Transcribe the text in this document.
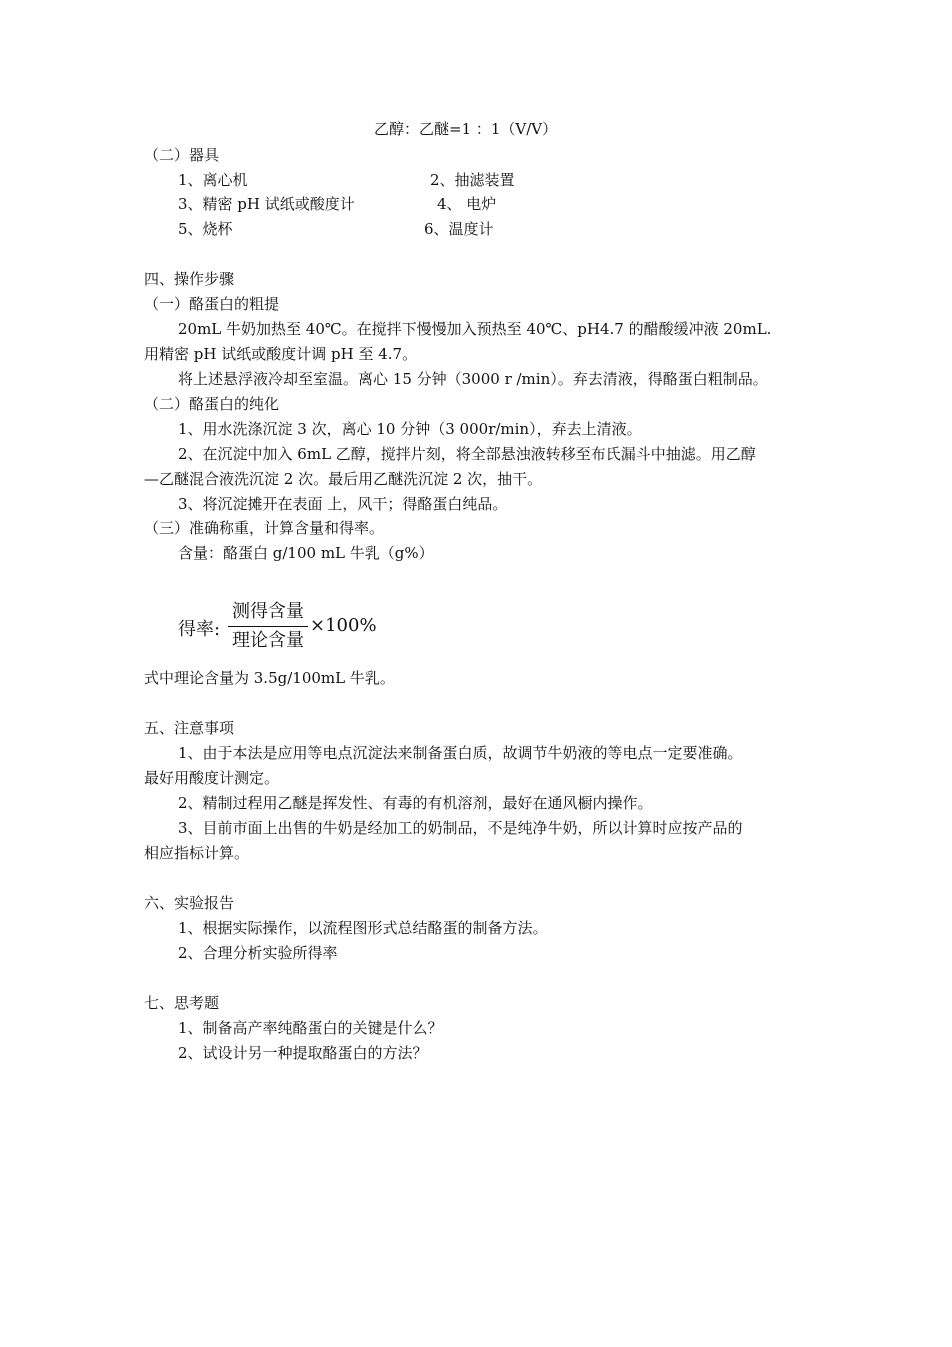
乙醇：乙醚=1 ：1（V/V）
（二）器具
1、离心机	2、抽滤装置
3、精密 pH 试纸或酸度计	4、 电炉
5、烧杯	6、温度计
四、操作步骤
（一）酪蛋白的粗提
20mL 牛奶加热至 40℃。在搅拌下慢慢加入预热至 40℃、pH4.7 的醋酸缓冲液 20mL.
用精密 pH 试纸或酸度计调 pH 至 4.7。
将上述悬浮液冷却至室温。离心 15 分钟（3000 r /min）。弃去清液，得酪蛋白粗制品。
（二）酪蛋白的纯化
1、用水洗涤沉淀 3 次，离心 10 分钟（3 000r/min），弃去上清液。
2、在沉淀中加入 6mL 乙醇，搅拌片刻，将全部悬浊液转移至布氏漏斗中抽滤。用乙醇
—乙醚混合液洗沉淀 2 次。最后用乙醚洗沉淀 2 次，抽干。
3、将沉淀摊开在表面 上，风干；得酪蛋白纯品。
（三）准确称重，计算含量和得率。
含量：酪蛋白 g/100 mL 牛乳（g%）
得率:
测得含量
理论含量
×100%
式中理论含量为 3.5g/100mL 牛乳。
五、注意事项
1、由于本法是应用等电点沉淀法来制备蛋白质，故调节牛奶液的等电点一定要准确。
最好用酸度计测定。
2、精制过程用乙醚是挥发性、有毒的有机溶剂，最好在通风橱内操作。
3、目前市面上出售的牛奶是经加工的奶制品，不是纯净牛奶，所以计算时应按产品的
相应指标计算。
六、实验报告
1、根据实际操作，以流程图形式总结酪蛋的制备方法。
2、合理分析实验所得率
七、思考题
1、制备高产率纯酪蛋白的关键是什么？
2、试设计另一种提取酪蛋白的方法？
